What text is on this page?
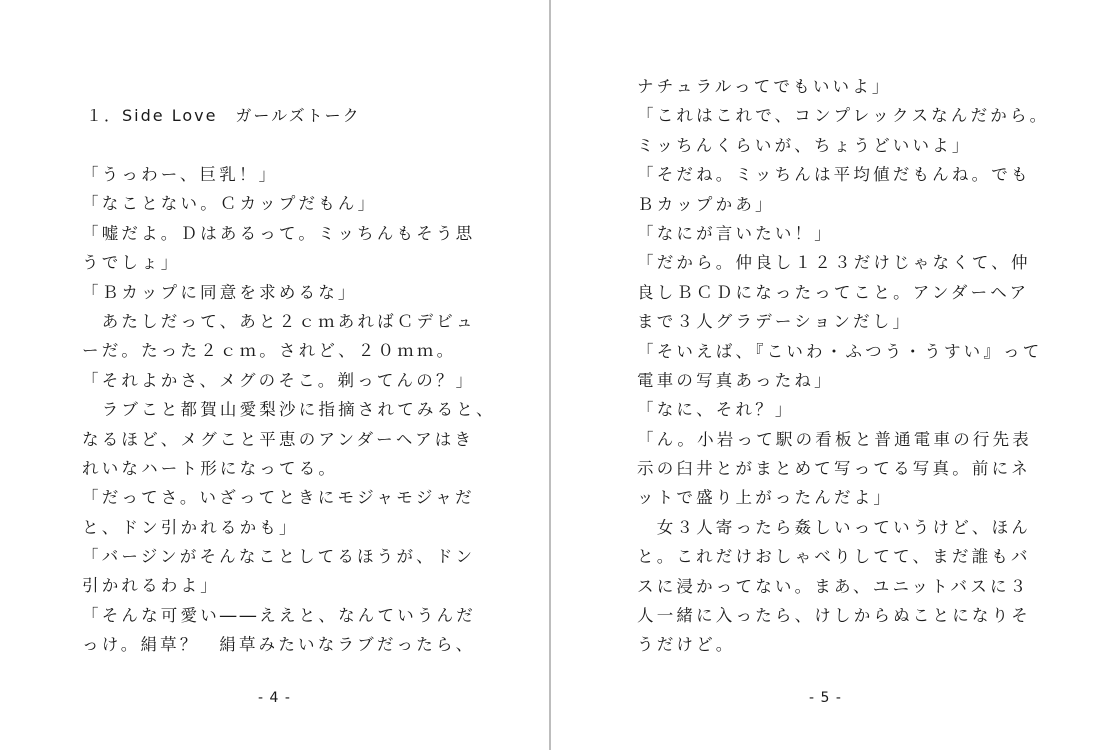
１．Side Love　ガールズトーク
「うっわー、巨乳！」
「なことない。Ｃカップだもん」
「嘘だよ。Ｄはあるって。ミッちんもそう思
うでしょ」
「Ｂカップに同意を求めるな」
　あたしだって、あと２ｃｍあればＣデビュ
ーだ。たった２ｃｍ。されど、２０ｍｍ。
「それよかさ、メグのそこ。剃ってんの？」
　ラブこと都賀山愛梨沙に指摘されてみると、
なるほど、メグこと平恵のアンダーヘアはき
れいなハート形になってる。
「だってさ。いざってときにモジャモジャだ
と、ドン引かれるかも」
「バージンがそんなことしてるほうが、ドン
引かれるわよ」
「そんな可愛い――ええと、なんていうんだ
っけ。絹草？　絹草みたいなラブだったら、
- 4 -
ナチュラルってでもいいよ」
「これはこれで、コンプレックスなんだから。
ミッちんくらいが、ちょうどいいよ」
「そだね。ミッちんは平均値だもんね。でも
Ｂカップかあ」
「なにが言いたい！」
「だから。仲良し１２３だけじゃなくて、仲
良しＢＣＤになったってこと。アンダーヘア
まで３人グラデーションだし」
「そいえば、『こいわ・ふつう・うすい』って
電車の写真あったね」
「なに、それ？」
「ん。小岩って駅の看板と普通電車の行先表
示の臼井とがまとめて写ってる写真。前にネ
ットで盛り上がったんだよ」
　女３人寄ったら姦しいっていうけど、ほん
と。これだけおしゃべりしてて、まだ誰もバ
スに浸かってない。まあ、ユニットバスに３
人一緒に入ったら、けしからぬことになりそ
うだけど。
- 5 -
